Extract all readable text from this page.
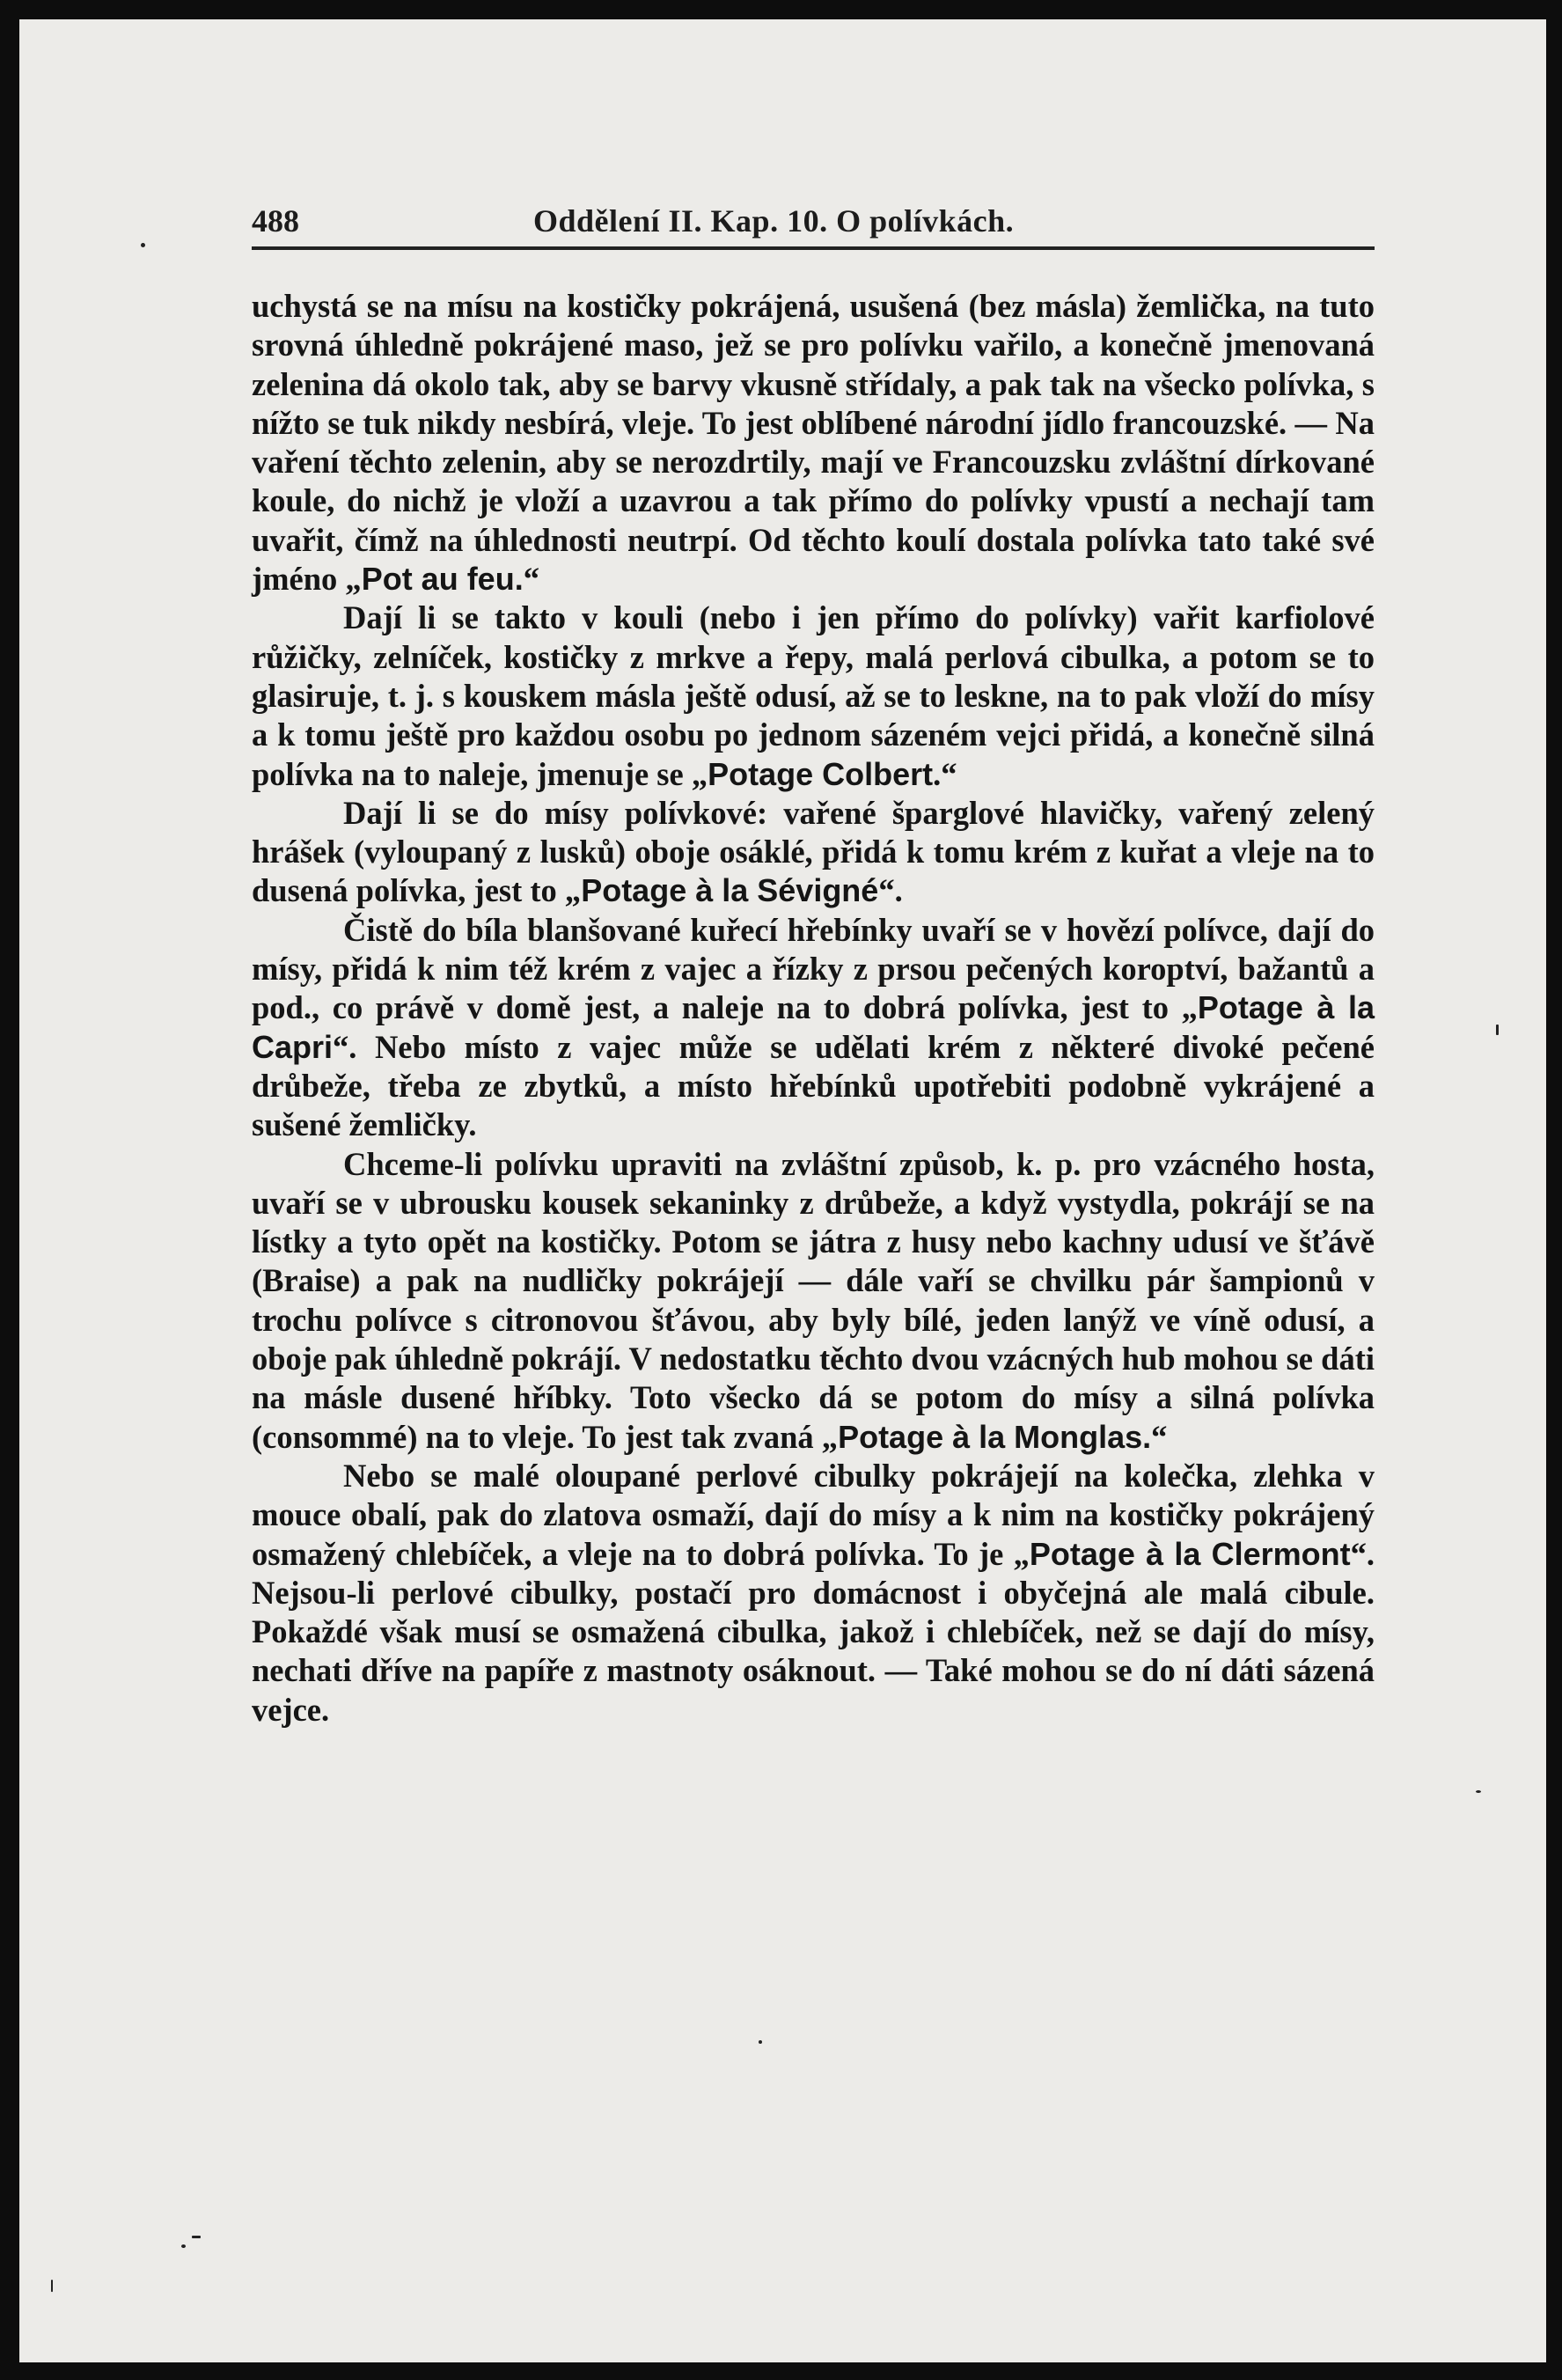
488	Oddělení II. Kap. 10. O polívkách.

uchystá se na mísu na kostičky pokrájená, usušená (bez másla) žemlička, na tuto srovná úhledně pokrájené maso, jež se pro polívku vařilo, a konečně jmenovaná zelenina dá okolo tak, aby se barvy vkusně střídaly, a pak tak na všecko polívka, s nížto se tuk nikdy nesbírá, vleje. To jest oblíbené národní jídlo francouzské. — Na vaření těchto zelenin, aby se nerozdrtily, mají ve Francouzsku zvláštní dírkované koule, do nichž je vloží a uzavrou a tak přímo do polívky vpustí a nechají tam uvařit, čímž na úhlednosti neutrpí. Od těchto koulí dostala polívka tato také své jméno „Pot au feu.“

Dají li se takto v kouli (nebo i jen přímo do polívky) vařit karfiolové růžičky, zelníček, kostičky z mrkve a řepy, malá perlová cibulka, a potom se to glasiruje, t. j. s kouskem másla ještě odusí, až se to leskne, na to pak vloží do mísy a k tomu ještě pro každou osobu po jednom sázeném vejci přidá, a konečně silná polívka na to naleje, jmenuje se „Potage Colbert.“

Dají li se do mísy polívkové: vařené šparglové hlavičky, vařený zelený hrášek (vyloupaný z lusků) oboje osáklé, přidá k tomu krém z kuřat a vleje na to dusená polívka, jest to „Potage à la Sévigné“.

Čistě do bíla blanšované kuřecí hřebínky uvaří se v hovězí polívce, dají do mísy, přidá k nim též krém z vajec a řízky z prsou pečených koroptví, bažantů a pod., co právě v domě jest, a naleje na to dobrá polívka, jest to „Potage à la Capri“. Nebo místo z vajec může se udělati krém z některé divoké pečené drůbeže, třeba ze zbytků, a místo hřebínků upotřebiti podobně vykrájené a sušené žemličky.

Chceme-li polívku upraviti na zvláštní způsob, k. p. pro vzácného hosta, uvaří se v ubrousku kousek sekaninky z drůbeže, a když vystydla, pokrájí se na lístky a tyto opět na kostičky. Potom se játra z husy nebo kachny udusí ve šťávě (Braise) a pak na nudličky pokrájejí — dále vaří se chvilku pár šampionů v trochu polívce s citronovou šťávou, aby byly bílé, jeden lanýž ve víně odusí, a oboje pak úhledně pokrájí. V nedostatku těchto dvou vzácných hub mohou se dáti na másle dusené hříbky. Toto všecko dá se potom do mísy a silná polívka (consommé) na to vleje. To jest tak zvaná „Potage à la Monglas.“

Nebo se malé oloupané perlové cibulky pokrájejí na kolečka, zlehka v mouce obalí, pak do zlatova osmaží, dají do mísy a k nim na kostičky pokrájený osmažený chlebíček, a vleje na to dobrá polívka. To je „Potage à la Clermont“. Nejsou-li perlové cibulky, postačí pro domácnost i obyčejná ale malá cibule. Pokaždé však musí se osmažená cibulka, jakož i chlebíček, než se dají do mísy, nechati dříve na papíře z mastnoty osáknout. — Také mohou se do ní dáti sázená vejce.
